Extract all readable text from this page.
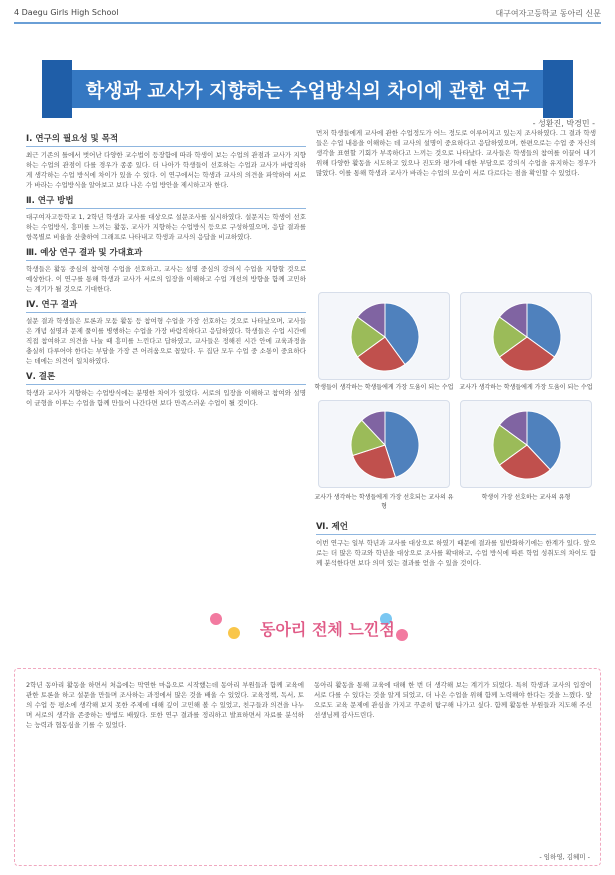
4 Daegu Girls High School	대구여자고등학교 동아리 신문
학생과 교사가 지향하는 수업방식의 차이에 관한 연구
- 성환진, 박경민 -
Ⅰ. 연구의 필요성 및 목적
최근 기존의 틀에서 벗어난 다양한 교수법이 등장함에 따라 학생이 보는 수업의 관점과 교사가 지향하는 수업의 관점이 다를 경우가 종종 있다. 더 나아가 학생들이 선호하는 수업과 교사가 바람직하게 생각하는 수업 방식에 차이가 있을 수 있다. 이 연구에서는 학생과 교사의 의견을 파악하여 서로가 바라는 수업방식을 알아보고 보다 나은 수업 방안을 제시하고자 한다.
Ⅱ. 연구 방법
대구여자고등학교 1, 2학년 학생과 교사를 대상으로 설문조사를 실시하였다. 설문지는 학생이 선호하는 수업방식, 흥미를 느끼는 활동, 교사가 지향하는 수업방식 등으로 구성하였으며, 응답 결과를 항목별로 비율을 산출하여 그래프로 나타내고 학생과 교사의 응답을 비교하였다.
Ⅲ. 예상 연구 결과 및 가대효과
학생들은 활동 중심의 참여형 수업을 선호하고, 교사는 설명 중심의 강의식 수업을 지향할 것으로 예상한다. 이 연구를 통해 학생과 교사가 서로의 입장을 이해하고 수업 개선의 방향을 함께 고민하는 계기가 될 것으로 기대한다.
Ⅳ. 연구 결과
설문 결과 학생들은 토론과 모둠 활동 등 참여형 수업을 가장 선호하는 것으로 나타났으며, 교사들은 개념 설명과 문제 풀이를 병행하는 수업을 가장 바람직하다고 응답하였다. 학생들은 수업 시간에 직접 참여하고 의견을 나눌 때 흥미를 느낀다고 답하였고, 교사들은 정해진 시간 안에 교육과정을 충실히 다루어야 한다는 부담을 가장 큰 어려움으로 꼽았다. 두 집단 모두 수업 중 소통이 중요하다는 데에는 의견이 일치하였다.
Ⅴ. 결론
학생과 교사가 지향하는 수업방식에는 분명한 차이가 있었다. 서로의 입장을 이해하고 참여와 설명이 균형을 이루는 수업을 함께 만들어 나간다면 보다 만족스러운 수업이 될 것이다.
먼저 학생들에게 교사에 관한 수업정도가 어느 정도로 이루어지고 있는지 조사하였다. 그 결과 학생들은 수업 내용을 이해하는 데 교사의 설명이 중요하다고 응답하였으며, 한편으로는 수업 중 자신의 생각을 표현할 기회가 부족하다고 느끼는 것으로 나타났다. 교사들은 학생들의 참여를 이끌어 내기 위해 다양한 활동을 시도하고 있으나 진도와 평가에 대한 부담으로 강의식 수업을 유지하는 경우가 많았다. 이를 통해 학생과 교사가 바라는 수업의 모습이 서로 다르다는 점을 확인할 수 있었다.
학생들이 생각하는 학생들에게 가장 도움이 되는 수업 교사가 생각하는 학생들에게 가장 도움이 되는 수업
교사가 생각하는 학생들에게 가장 선호되는 교사의 유형
학생이 가장 선호하는 교사의 유형
Ⅵ. 제언
이번 연구는 일부 학년과 교사를 대상으로 하였기 때문에 결과를 일반화하기에는 한계가 있다. 앞으로는 더 많은 학교와 학년을 대상으로 조사를 확대하고, 수업 방식에 따른 학업 성취도의 차이도 함께 분석한다면 보다 의미 있는 결과를 얻을 수 있을 것이다.
동아리 전체 느낀점
2학년 동아리 활동을 하면서 처음에는 막연한 마음으로 시작했는데 동아리 부원들과 함께 교육에 관한 토론을 하고 설문을 만들며 조사하는 과정에서 많은 것을 배울 수 있었다. 교육정책, 독서, 토의 수업 등 평소에 생각해 보지 못한 주제에 대해 깊이 고민해 볼 수 있었고, 친구들과 의견을 나누며 서로의 생각을 존중하는 방법도 배웠다. 또한 연구 결과를 정리하고 발표하면서 자료를 분석하는 능력과 협동심을 기를 수 있었다.
동아리 활동을 통해 교육에 대해 한 번 더 생각해 보는 계기가 되었다. 특히 학생과 교사의 입장이 서로 다를 수 있다는 것을 알게 되었고, 더 나은 수업을 위해 함께 노력해야 한다는 것을 느꼈다. 앞으로도 교육 문제에 관심을 가지고 꾸준히 탐구해 나가고 싶다. 함께 활동한 부원들과 지도해 주신 선생님께 감사드린다.
- 임하영, 김혜미 -
